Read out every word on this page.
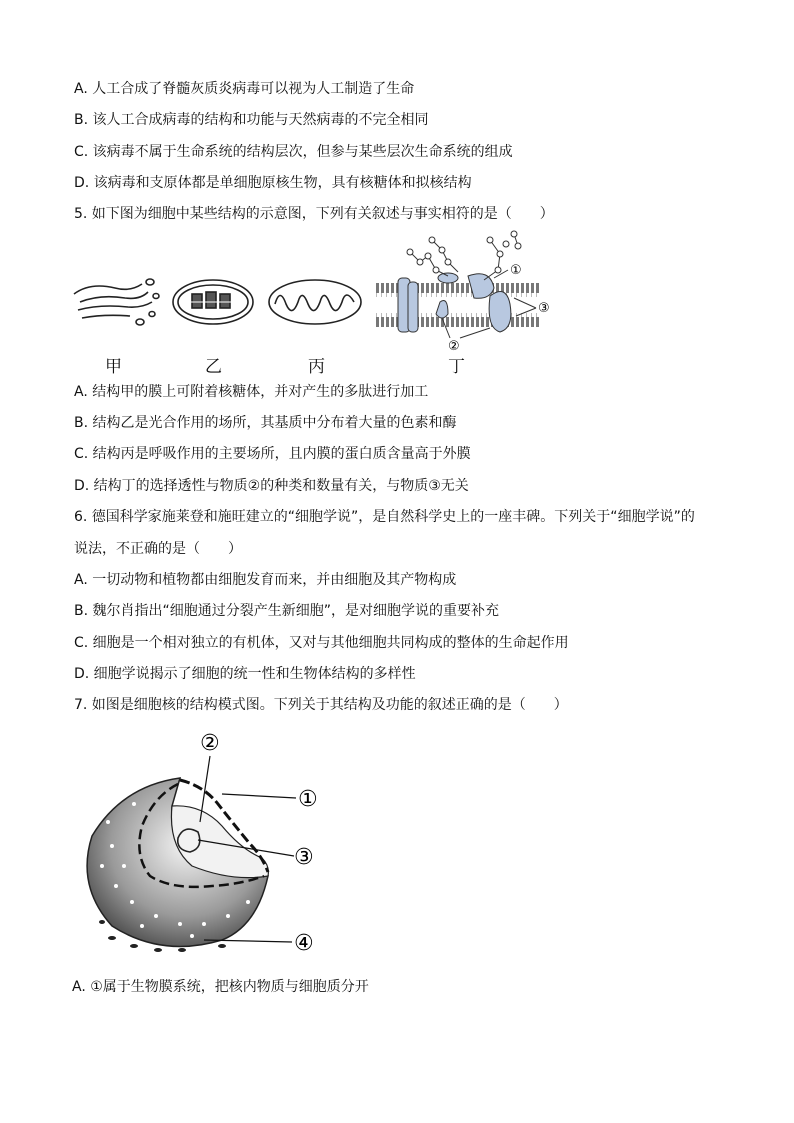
A. 人工合成了脊髓灰质炎病毒可以视为人工制造了生命
B. 该人工合成病毒的结构和功能与天然病毒的不完全相同
C. 该病毒不属于生命系统的结构层次，但参与某些层次生命系统的组成
D. 该病毒和支原体都是单细胞原核生物，具有核糖体和拟核结构
5. 如下图为细胞中某些结构的示意图，下列有关叙述与事实相符的是（　　）
①
③
②
甲	乙	丙	丁
A. 结构甲的膜上可附着核糖体，并对产生的多肽进行加工
B. 结构乙是光合作用的场所，其基质中分布着大量的色素和酶
C. 结构丙是呼吸作用的主要场所，且内膜的蛋白质含量高于外膜
D. 结构丁的选择透性与物质②的种类和数量有关，与物质③无关
6. 德国科学家施莱登和施旺建立的“细胞学说”，是自然科学史上的一座丰碑。下列关于“细胞学说”的
说法，不正确的是（　　）
A. 一切动物和植物都由细胞发育而来，并由细胞及其产物构成
B. 魏尔肖指出“细胞通过分裂产生新细胞”，是对细胞学说的重要补充
C. 细胞是一个相对独立的有机体，又对与其他细胞共同构成的整体的生命起作用
D. 细胞学说揭示了细胞的统一性和生物体结构的多样性
7. 如图是细胞核的结构模式图。下列关于其结构及功能的叙述正确的是（　　）
②
①
③
④
A. ①属于生物膜系统，把核内物质与细胞质分开
